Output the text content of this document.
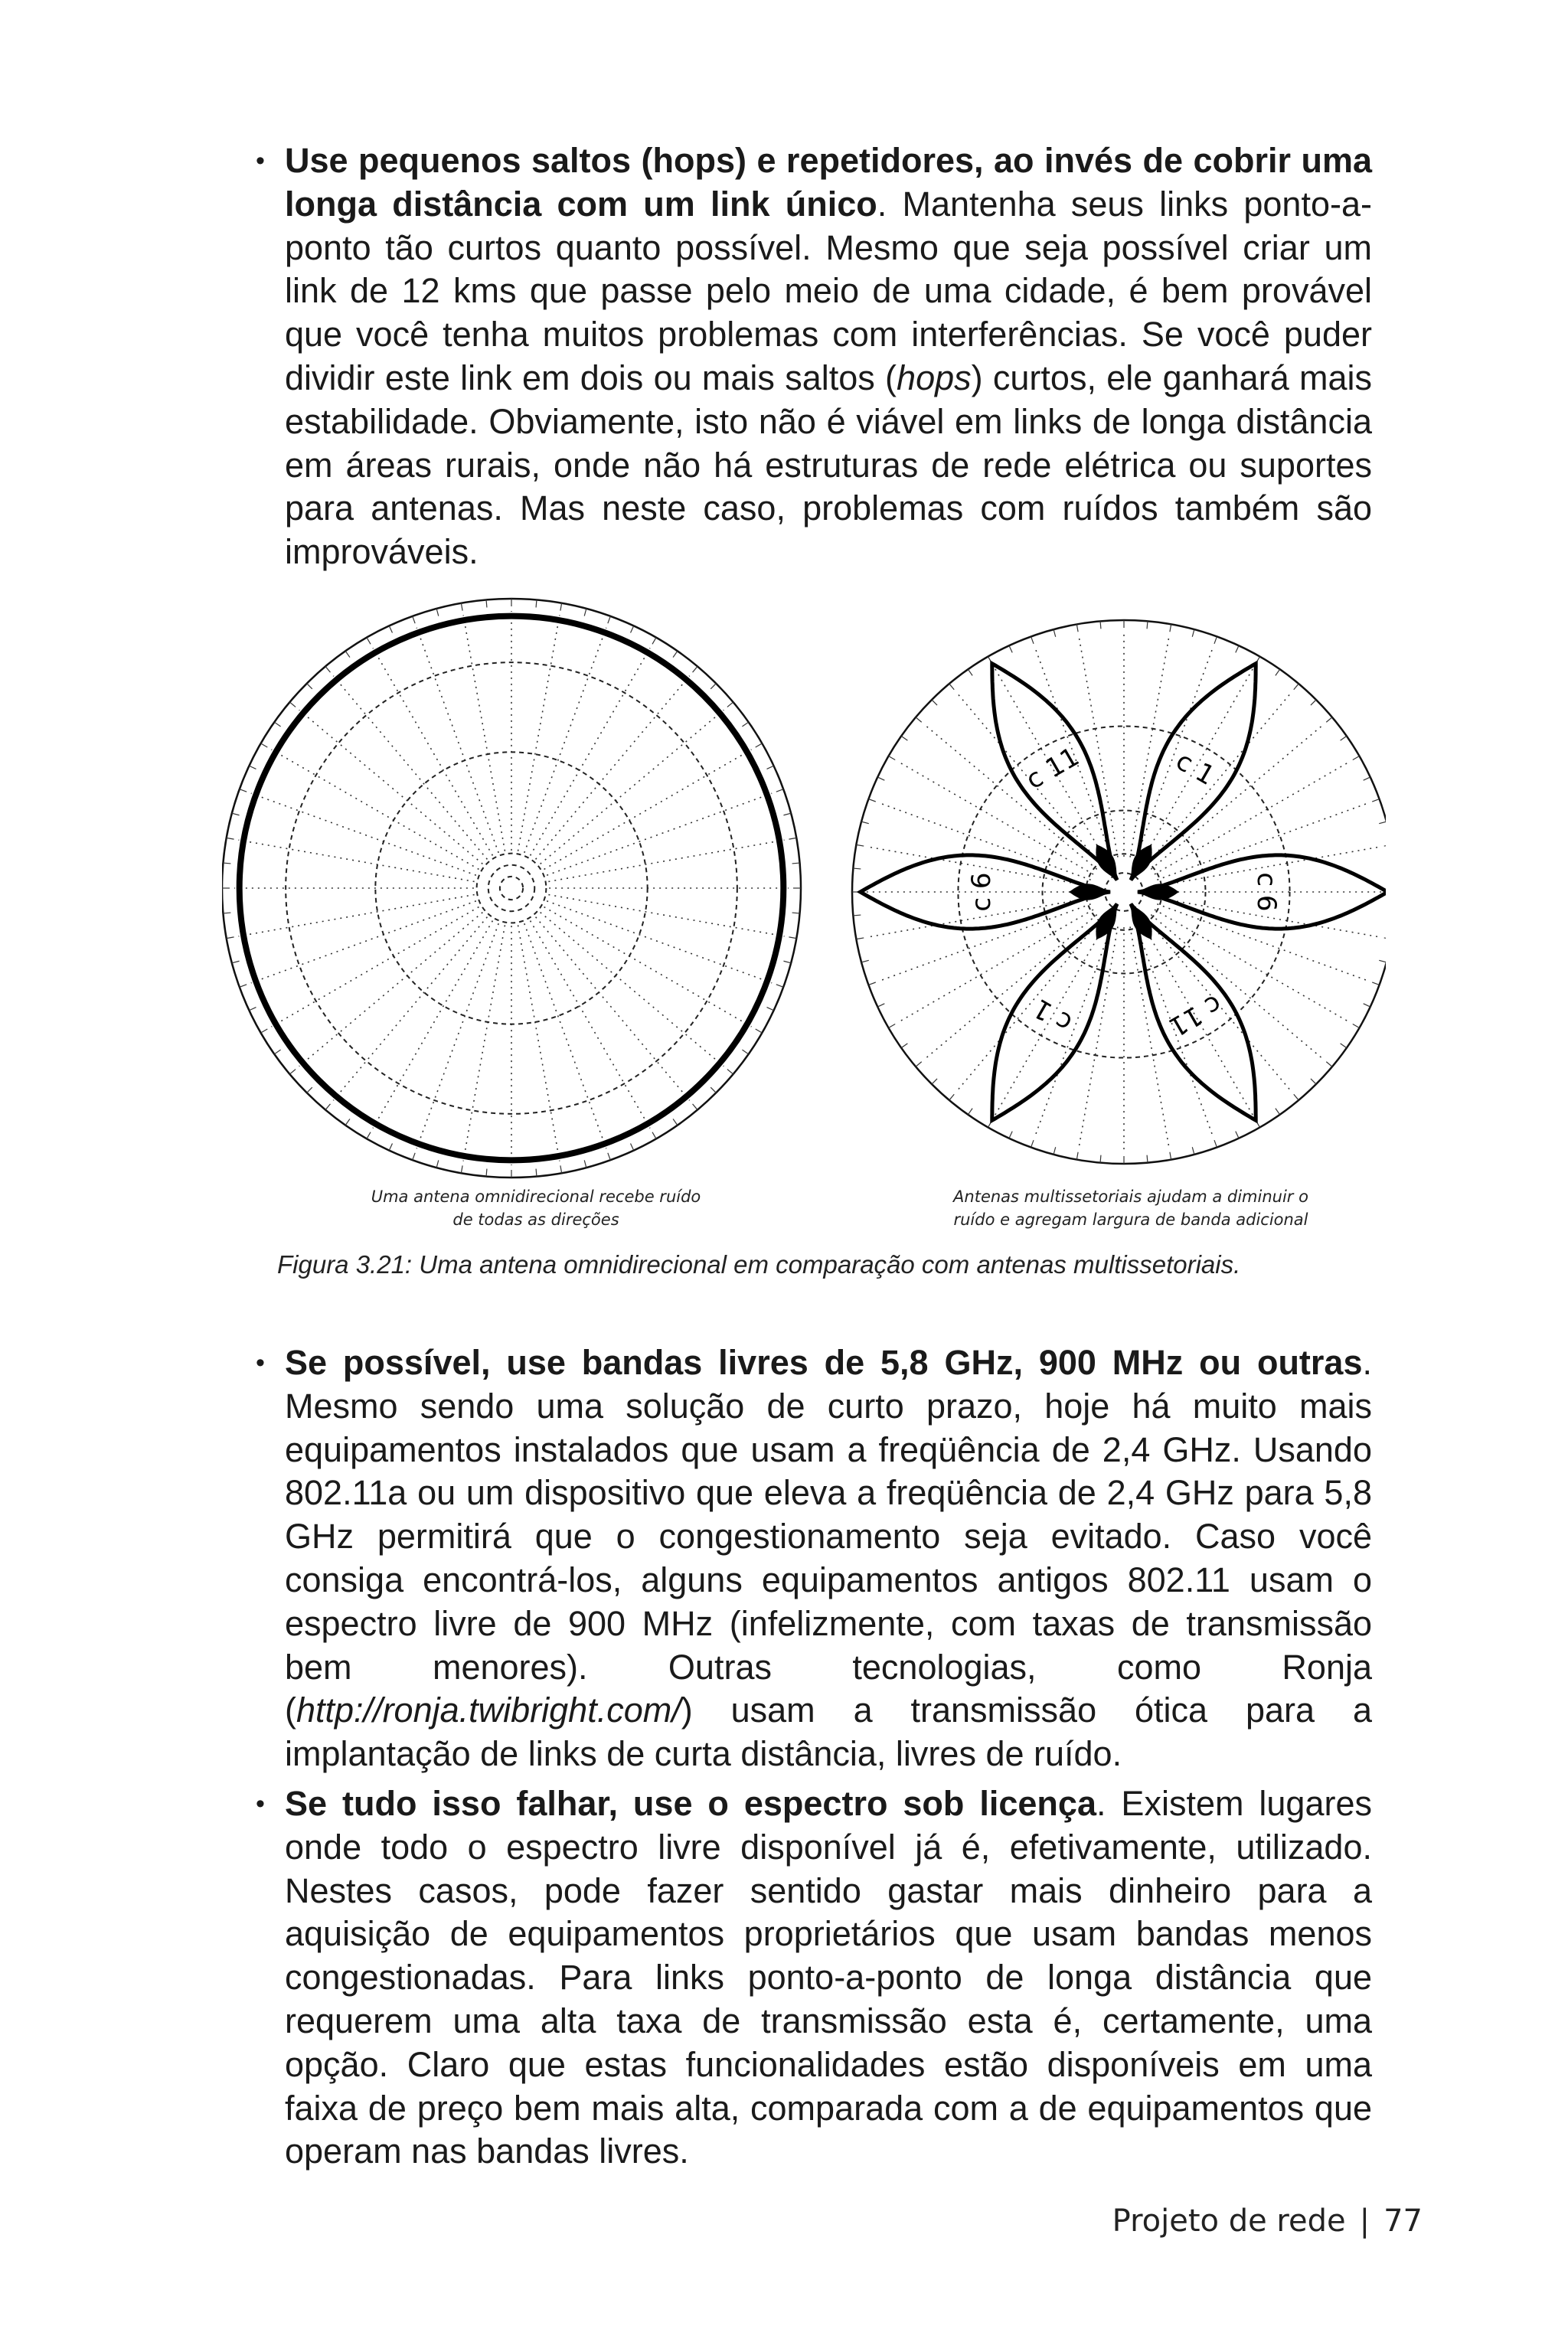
• Use pequenos saltos (hops) e repetidores, ao invés de cobrir uma longa distância com um link único. Mantenha seus links ponto-a-ponto tão curtos quanto possível. Mesmo que seja possível criar um link de 12 kms que passe pelo meio de uma cidade, é bem provável que você tenha muitos problemas com interferências. Se você puder dividir este link em dois ou mais saltos (hops) curtos, ele ganhará mais estabilidade. Obviamente, isto não é viável em links de longa distância em áreas rurais, onde não há estruturas de rede elétrica ou suportes para antenas. Mas neste caso, problemas com ruídos também são improváveis.
c 1
c 6
c 11
c 1
c 6
c 11
Uma antena omnidirecional recebe ruído
de todas as direções
Antenas multissetoriais ajudam a diminuir o
ruído e agregam largura de banda adicional
Figura 3.21: Uma antena omnidirecional em comparação com antenas multissetoriais.
• Se possível, use bandas livres de 5,8 GHz, 900 MHz ou outras. Mesmo sendo uma solução de curto prazo, hoje há muito mais equipamentos instalados que usam a freqüência de 2,4 GHz. Usando 802.11a ou um dispositivo que eleva a freqüência de 2,4 GHz para 5,8 GHz permitirá que o congestionamento seja evitado. Caso você consiga encontrá-los, alguns equipamentos antigos 802.11 usam o espectro livre de 900 MHz (infelizmente, com taxas de transmissão bem menores). Outras tecnologias, como Ronja (http://ronja.twibright.com/) usam a transmissão ótica para a implantação de links de curta distância, livres de ruído.
• Se tudo isso falhar, use o espectro sob licença. Existem lugares onde todo o espectro livre disponível já é, efetivamente, utilizado. Nestes casos, pode fazer sentido gastar mais dinheiro para a aquisição de equipamentos proprietários que usam bandas menos congestionadas. Para links ponto-a-ponto de longa distância que requerem uma alta taxa de transmissão esta é, certamente, uma opção. Claro que estas funcionalidades estão disponíveis em uma faixa de preço bem mais alta, comparada com a de equipamentos que operam nas bandas livres.
Projeto de rede | 77
